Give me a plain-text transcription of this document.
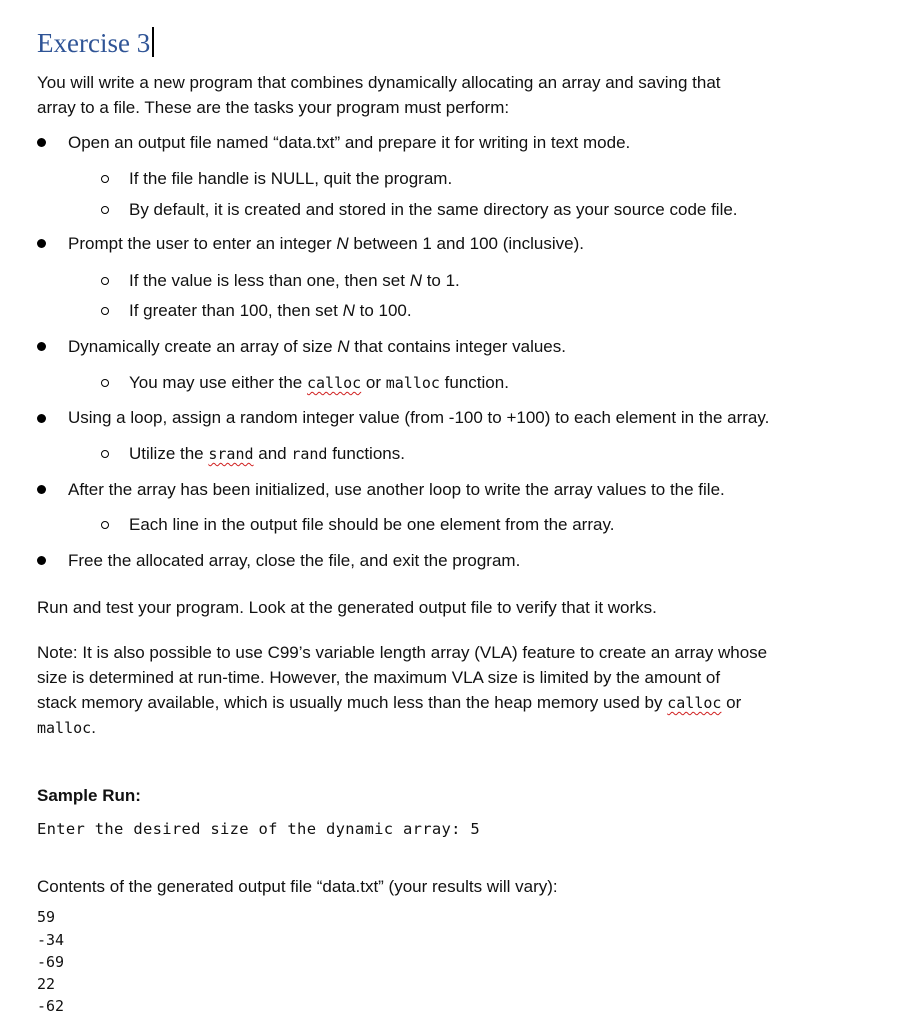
Exercise 3
You will write a new program that combines dynamically allocating an array and saving that
array to a file. These are the tasks your program must perform:
Open an output file named “data.txt” and prepare it for writing in text mode.
If the file handle is NULL, quit the program.
By default, it is created and stored in the same directory as your source code file.
Prompt the user to enter an integer N between 1 and 100 (inclusive).
If the value is less than one, then set N to 1.
If greater than 100, then set N to 100.
Dynamically create an array of size N that contains integer values.
You may use either the calloc or malloc function.
Using a loop, assign a random integer value (from -100 to +100) to each element in the array.
Utilize the srand and rand functions.
After the array has been initialized, use another loop to write the array values to the file.
Each line in the output file should be one element from the array.
Free the allocated array, close the file, and exit the program.
Run and test your program. Look at the generated output file to verify that it works.
Note: It is also possible to use C99’s variable length array (VLA) feature to create an array whose
size is determined at run-time. However, the maximum VLA size is limited by the amount of
stack memory available, which is usually much less than the heap memory used by calloc or
malloc.
Sample Run:
Enter the desired size of the dynamic array: 5
Contents of the generated output file “data.txt” (your results will vary):
59
-34
-69
22
-62
